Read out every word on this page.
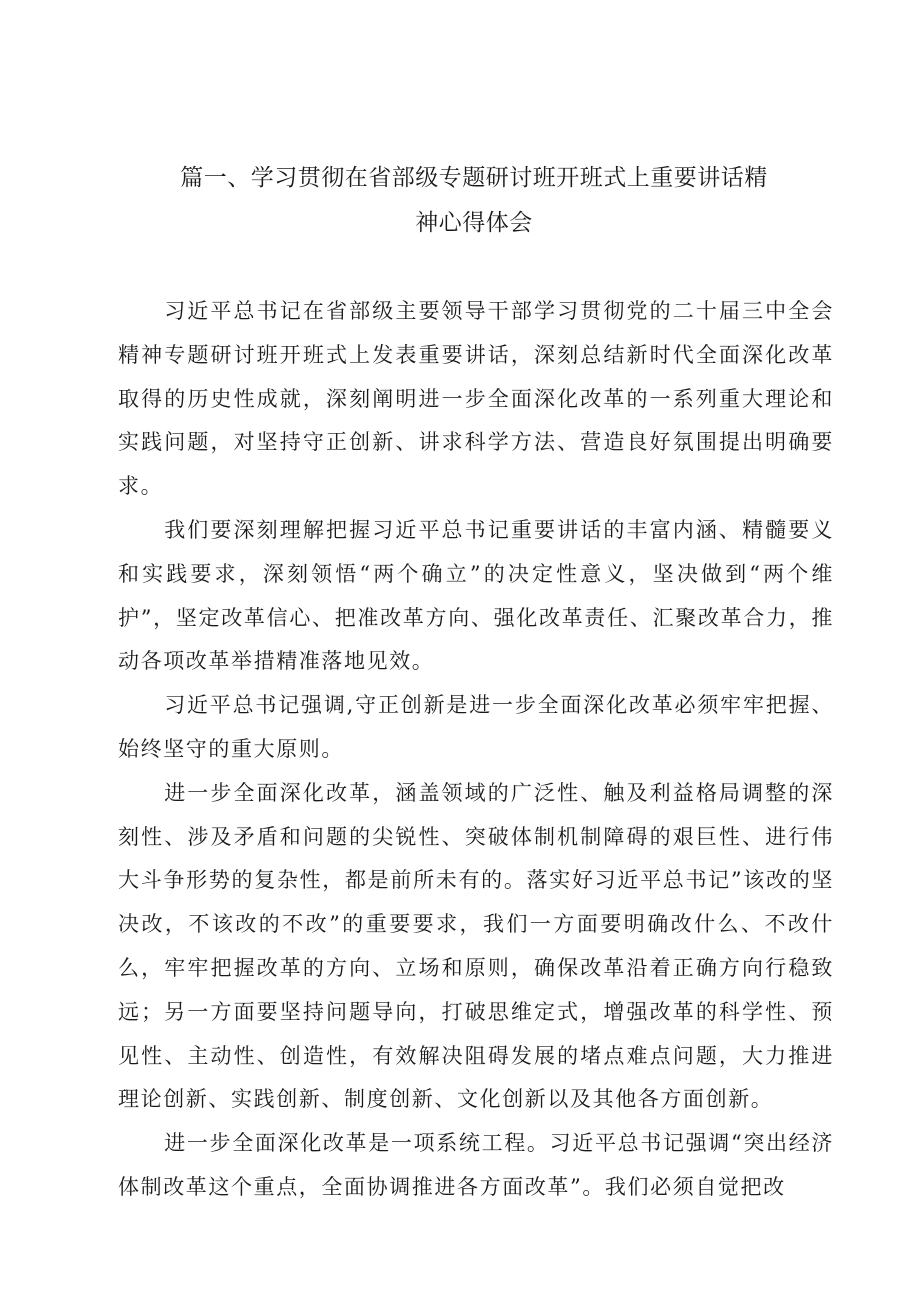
篇一、学习贯彻在省部级专题研讨班开班式上重要讲话精
神心得体会

习近平总书记在省部级主要领导干部学习贯彻党的二十届三中全会精神专题研讨班开班式上发表重要讲话，深刻总结新时代全面深化改革取得的历史性成就，深刻阐明进一步全面深化改革的一系列重大理论和实践问题，对坚持守正创新、讲求科学方法、营造良好氛围提出明确要求。

我们要深刻理解把握习近平总书记重要讲话的丰富内涵、精髓要义和实践要求，深刻领悟“两个确立”的决定性意义，坚决做到“两个维护”，坚定改革信心、把准改革方向、强化改革责任、汇聚改革合力，推动各项改革举措精准落地见效。

习近平总书记强调,守正创新是进一步全面深化改革必须牢牢把握、始终坚守的重大原则。

进一步全面深化改革，涵盖领域的广泛性、触及利益格局调整的深刻性、涉及矛盾和问题的尖锐性、突破体制机制障碍的艰巨性、进行伟大斗争形势的复杂性，都是前所未有的。落实好习近平总书记”该改的坚决改，不该改的不改”的重要要求，我们一方面要明确改什么、不改什么，牢牢把握改革的方向、立场和原则，确保改革沿着正确方向行稳致远；另一方面要坚持问题导向，打破思维定式，增强改革的科学性、预见性、主动性、创造性，有效解决阻碍发展的堵点难点问题，大力推进理论创新、实践创新、制度创新、文化创新以及其他各方面创新。

进一步全面深化改革是一项系统工程。习近平总书记强调“突出经济体制改革这个重点，全面协调推进各方面改革”。我们必须自觉把改
